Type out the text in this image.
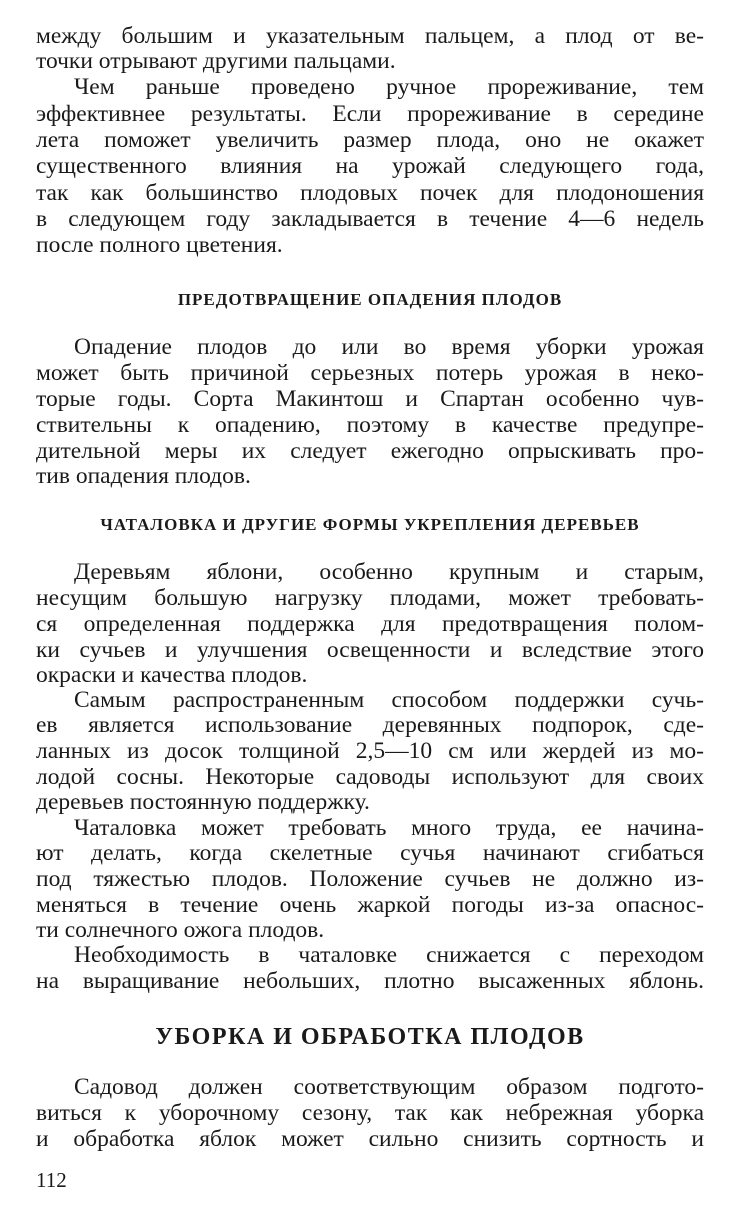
между большим и указательным пальцем, а плод от ве-
точки отрывают другими пальцами.
Чем раньше проведено ручное прореживание, тем
эффективнее результаты. Если прореживание в середине
лета поможет увеличить размер плода, оно не окажет
существенного влияния на урожай следующего года,
так как большинство плодовых почек для плодоношения
в следующем году закладывается в течение 4—6 недель
после полного цветения.
ПРЕДОТВРАЩЕНИЕ ОПАДЕНИЯ ПЛОДОВ
Опадение плодов до или во время уборки урожая
может быть причиной серьезных потерь урожая в неко-
торые годы. Сорта Макинтош и Спартан особенно чув-
ствительны к опадению, поэтому в качестве предупре-
дительной меры их следует ежегодно опрыскивать про-
тив опадения плодов.
ЧАТАЛОВКА И ДРУГИЕ ФОРМЫ УКРЕПЛЕНИЯ ДЕРЕВЬЕВ
Деревьям яблони, особенно крупным и старым,
несущим большую нагрузку плодами, может требовать-
ся определенная поддержка для предотвращения полом-
ки сучьев и улучшения освещенности и вследствие этого
окраски и качества плодов.
Самым распространенным способом поддержки сучь-
ев является использование деревянных подпорок, сде-
ланных из досок толщиной 2,5—10 см или жердей из мо-
лодой сосны. Некоторые садоводы используют для своих
деревьев постоянную поддержку.
Чаталовка может требовать много труда, ее начина-
ют делать, когда скелетные сучья начинают сгибаться
под тяжестью плодов. Положение сучьев не должно из-
меняться в течение очень жаркой погоды из-за опаснос-
ти солнечного ожога плодов.
Необходимость в чаталовке снижается с переходом
на выращивание небольших, плотно высаженных яблонь.
УБОРКА И ОБРАБОТКА ПЛОДОВ
Садовод должен соответствующим образом подгото-
виться к уборочному сезону, так как небрежная уборка
и обработка яблок может сильно снизить сортность и
112
